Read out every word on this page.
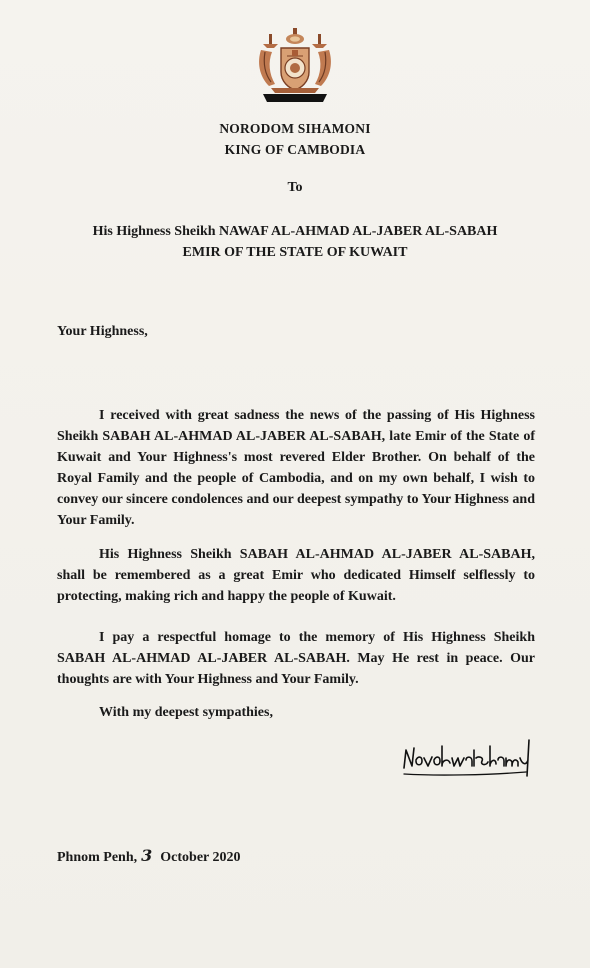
NORODOM SIHAMONI
KING OF CAMBODIA
To
His Highness Sheikh NAWAF AL-AHMAD AL-JABER AL-SABAH
EMIR OF THE STATE OF KUWAIT
Your Highness,

I received with great sadness the news of the passing of His Highness Sheikh SABAH AL-AHMAD AL-JABER AL-SABAH, late Emir of the State of Kuwait and Your Highness's most revered Elder Brother. On behalf of the Royal Family and the people of Cambodia, and on my own behalf, I wish to convey our sincere condolences and our deepest sympathy to Your Highness and Your Family.

His Highness Sheikh SABAH AL-AHMAD AL-JABER AL-SABAH, shall be remembered as a great Emir who dedicated Himself selflessly to protecting, making rich and happy the people of Kuwait.

I pay a respectful homage to the memory of His Highness Sheikh SABAH AL-AHMAD AL-JABER AL-SABAH. May He rest in peace. Our thoughts are with Your Highness and Your Family.

With my deepest sympathies,
Phnom Penh, 3 October 2020
